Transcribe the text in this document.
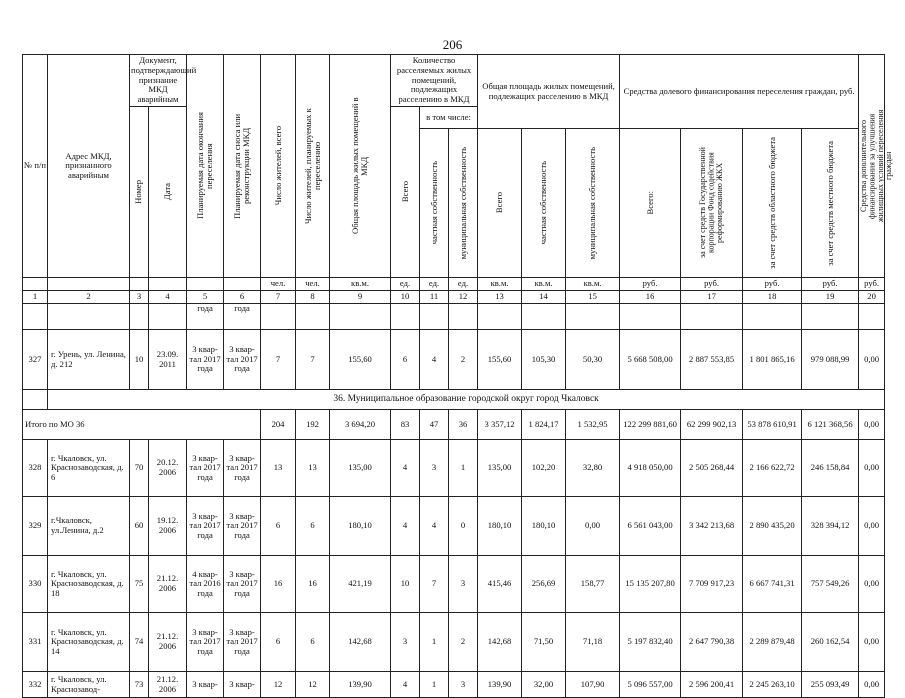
206
№ п/п	Адрес МКД, признанного аварийным	Документ, подтверждающий признание МКД аварийным		Планируемая дата окончания переселения	Планируемая дата сноса или реконструкции МКД	Число жителей, всего	Число жителей, планируемых к переселению	Общая площадь жилых помещений в МКД	Количество расселяемых жилых помещений, подлежащих расселению в МКД			Общая площадь жилых помещений, подлежащих расселению в МКД			Средства долевого финансирования переселения граждан, руб.				Средства дополнительного финансирования за улучшения жилищных условий переселения граждан

		Номер	Дата						Всего	в том числе:									

										частная собственность	муниципальная собственность	Всего	частная собственность	муниципальная собственность	Всего:	за счет средств Государственной корпорации Фонд содействия реформированию ЖКХ	за счет средств областного бюджета	за счет средств местного бюджета	

						чел.	чел.	кв.м.	ед.	ед.	ед.	кв.м.	кв.м.	кв.м.	руб.	руб.	руб.	руб.	руб.
1	2	3	4	5	6	7	8	9	10	11	12	13	14	15	16	17	18	19	20
				года	года														
327	г. Урень, ул. Ленина, д. 212	10	23.09. 2011	3 квар- тал 2017 года	3 квар- тал 2017 года	7	7	155,60	6	4	2	155,60	105,30	50,30	5 668 508,00	2 887 553,85	1 801 865,16	979 088,99	0,00
	36. Муниципальное образование городской округ город Чкаловск																		
Итого по МО 36						204	192	3 694,20	83	47	36	3 357,12	1 824,17	1 532,95	122 299 881,60	62 299 902,13	53 878 610,91	6 121 368,56	0,00
328	г. Чкаловск, ул. Краснозаводская, д. 6	70	20.12. 2006	3 квар- тал 2017 года	3 квар- тал 2017 года	13	13	135,00	4	3	1	135,00	102,20	32,80	4 918 050,00	2 505 268,44	2 166 622,72	246 158,84	0,00
329	г.Чкаловск, ул.Ленина, д.2	60	19.12. 2006	3 квар- тал 2017 года	3 квар- тал 2017 года	6	6	180,10	4	4	0	180,10	180,10	0,00	6 561 043,00	3 342 213,68	2 890 435,20	328 394,12	0,00
330	г. Чкаловск, ул. Краснозаводская, д. 18	75	21.12. 2006	4 квар- тал 2016 года	3 квар- тал 2017 года	16	16	421,19	10	7	3	415,46	256,69	158,77	15 135 207,80	7 709 917,23	6 667 741,31	757 549,26	0,00
331	г. Чкаловск, ул. Краснозаводская, д. 14	74	21.12. 2006	3 квар- тал 2017 года	3 квар- тал 2017 года	6	6	142,68	3	1	2	142,68	71,50	71,18	5 197 832,40	2 647 790,38	2 289 879,48	260 162,54	0,00
332	г. Чкаловск, ул. Краснозавод-	73	21.12. 2006	3 квар-	3 квар-	12	12	139,90	4	1	3	139,90	32,00	107,90	5 096 557,00	2 596 200,41	2 245 263,10	255 093,49	0,00
